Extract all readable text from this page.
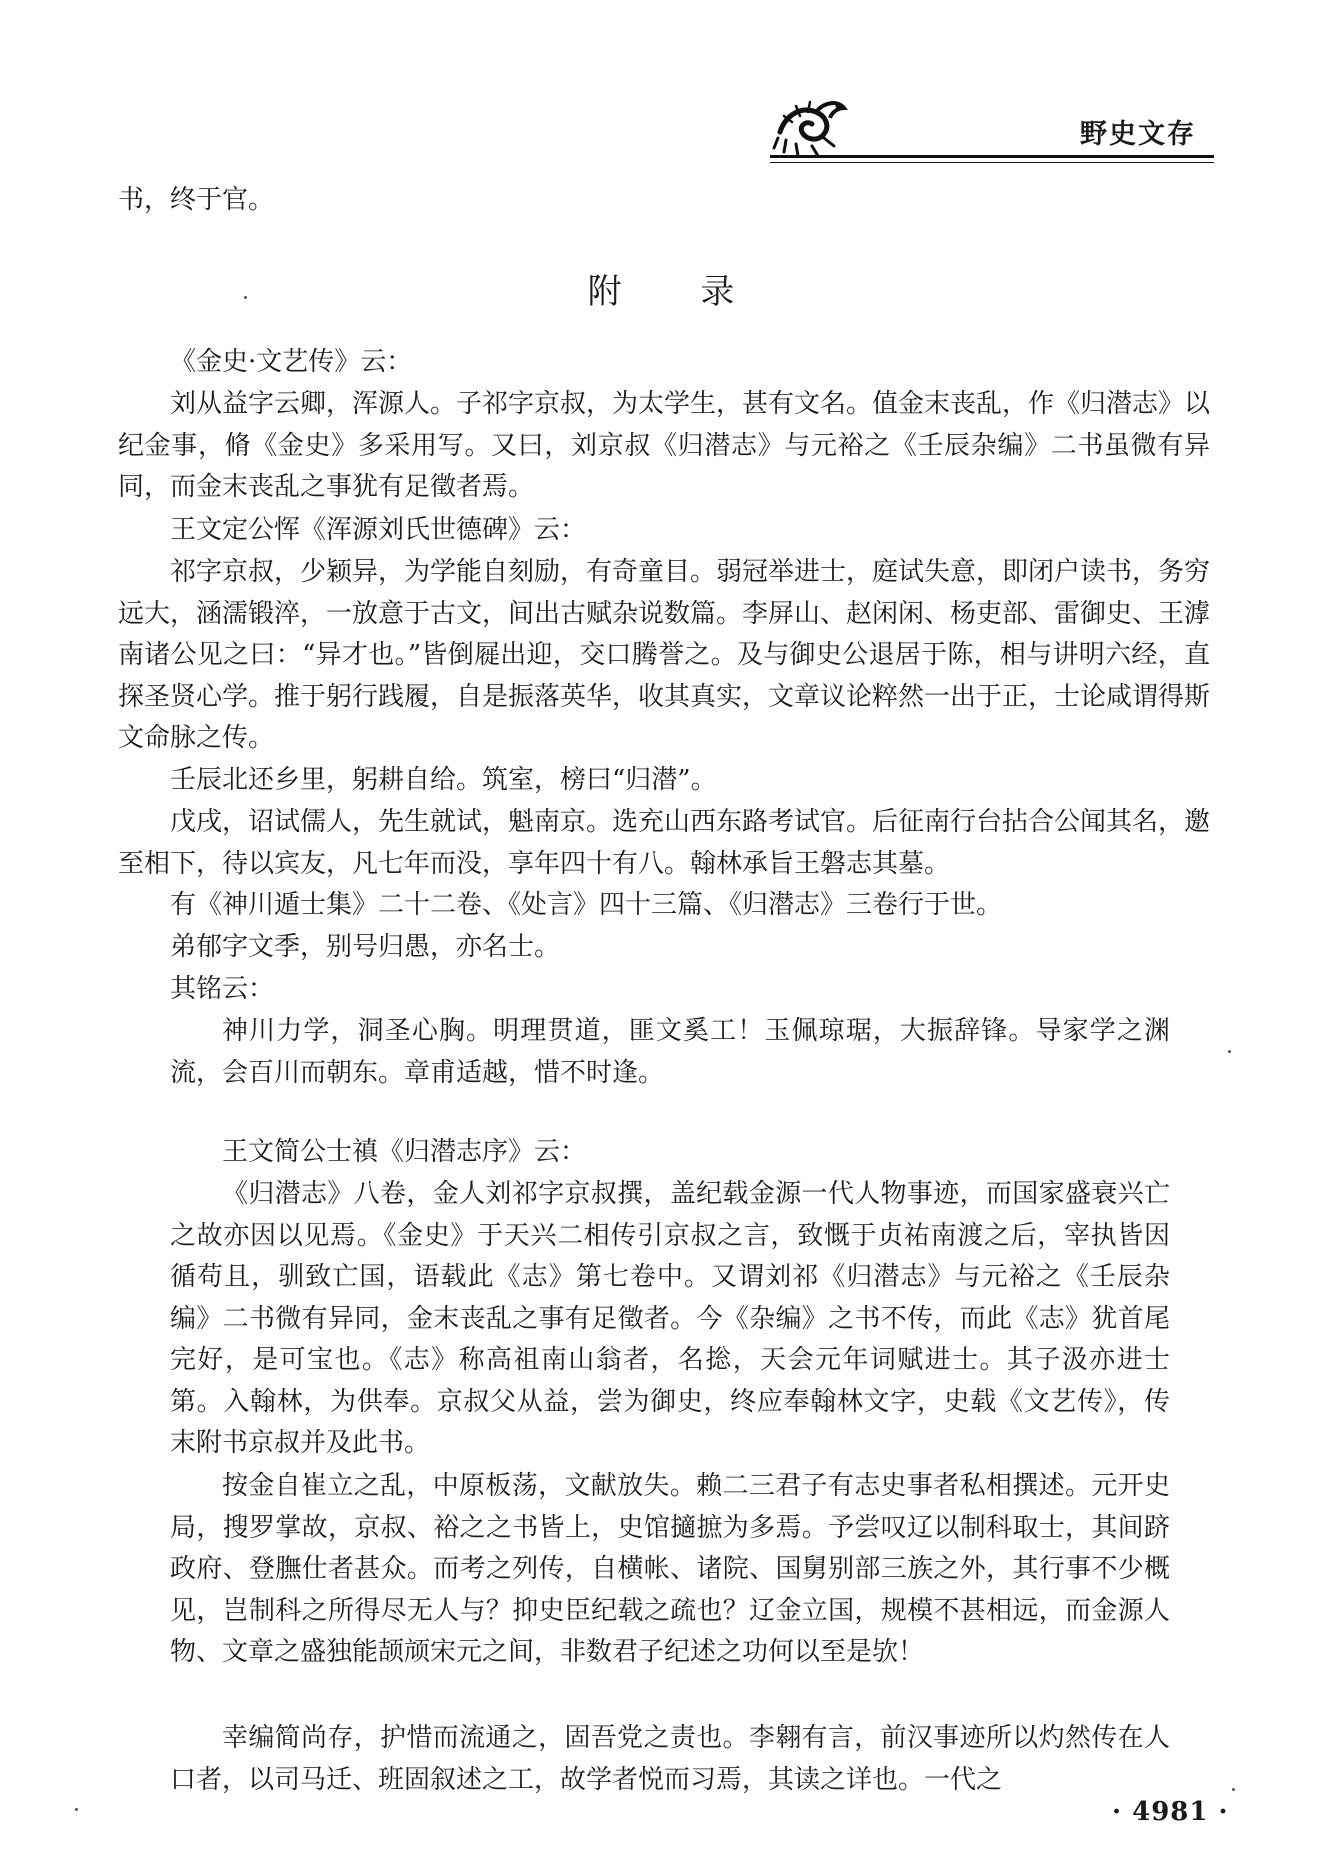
野史文存

书，终于官。

附 录

《金史·文艺传》云：

刘从益字云卿，浑源人。子祁字京叔，为太学生，甚有文名。值金末丧乱，作《归潜志》以纪金事，脩《金史》多采用写。又曰，刘京叔《归潜志》与元裕之《壬辰杂编》二书虽微有异同，而金末丧乱之事犹有足徵者焉。

王文定公恽《浑源刘氏世德碑》云：

祁字京叔，少颖异，为学能自刻励，有奇童目。弱冠举进士，庭试失意，即闭户读书，务穷远大，涵濡锻淬，一放意于古文，间出古赋杂说数篇。李屏山、赵闲闲、杨吏部、雷御史、王滹南诸公见之曰：“异才也。”皆倒屣出迎，交口腾誉之。及与御史公退居于陈，相与讲明六经，直探圣贤心学。推于躬行践履，自是振落英华，收其真实，文章议论粹然一出于正，士论咸谓得斯文命脉之传。

壬辰北还乡里，躬耕自给。筑室，榜曰“归潜”。

戊戌，诏试儒人，先生就试，魁南京。选充山西东路考试官。后征南行台拈合公闻其名，邀至相下，待以宾友，凡七年而没，享年四十有八。翰林承旨王磐志其墓。

有《神川遁士集》二十二卷、《处言》四十三篇、《归潜志》三卷行于世。

弟郁字文季，别号归愚，亦名士。

其铭云：

神川力学，洞圣心胸。明理贯道，匪文奚工！玉佩琼琚，大振辞锋。导家学之渊流，会百川而朝东。章甫适越，惜不时逢。

王文简公士禛《归潜志序》云：

《归潜志》八卷，金人刘祁字京叔撰，盖纪载金源一代人物事迹，而国家盛衰兴亡之故亦因以见焉。《金史》于天兴二相传引京叔之言，致慨于贞祐南渡之后，宰执皆因循苟且，驯致亡国，语载此《志》第七卷中。又谓刘祁《归潜志》与元裕之《壬辰杂编》二书微有异同，金末丧乱之事有足徵者。今《杂编》之书不传，而此《志》犹首尾完好，是可宝也。《志》称高祖南山翁者，名捴，天会元年词赋进士。其子汲亦进士第。入翰林，为供奉。京叔父从益，尝为御史，终应奉翰林文字，史载《文艺传》，传末附书京叔并及此书。

按金自崔立之乱，中原板荡，文献放失。赖二三君子有志史事者私相撰述。元开史局，搜罗掌故，京叔、裕之之书皆上，史馆擿摭为多焉。予尝叹辽以制科取士，其间跻政府、登膴仕者甚众。而考之列传，自横帐、诸院、国舅别部三族之外，其行事不少概见，岂制科之所得尽无人与？抑史臣纪载之疏也？辽金立国，规模不甚相远，而金源人物、文章之盛独能颉颃宋元之间，非数君子纪述之功何以至是欤！

幸编简尚存，护惜而流通之，固吾党之责也。李翱有言，前汉事迹所以灼然传在人口者，以司马迁、班固叙述之工，故学者悦而习焉，其读之详也。一代之

· 4981 ·
